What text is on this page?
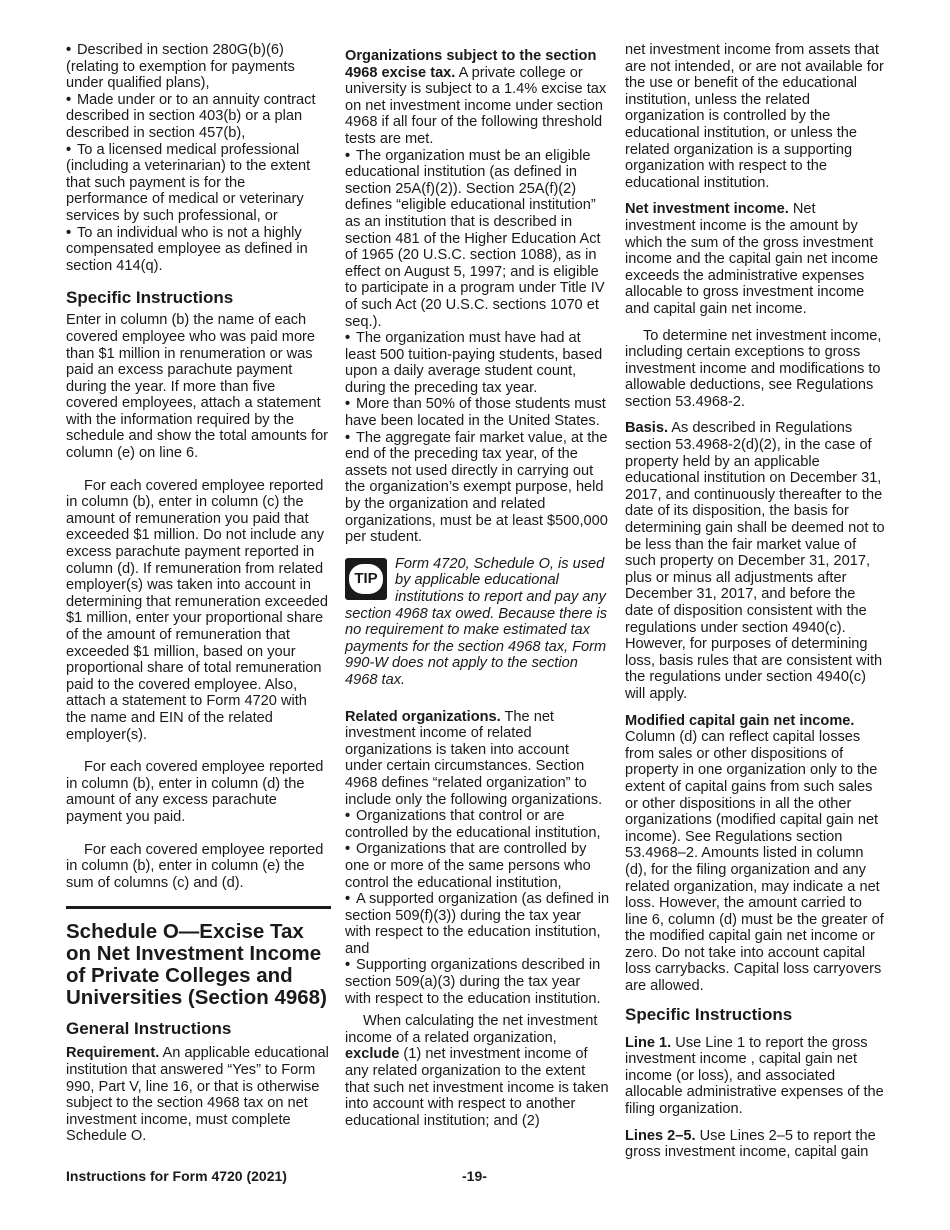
• Described in section 280G(b)(6) (relating to exemption for payments under qualified plans),

• Made under or to an annuity contract described in section 403(b) or a plan described in section 457(b),

• To a licensed medical professional (including a veterinarian) to the extent that such payment is for the performance of medical or veterinary services by such professional, or

• To an individual who is not a highly compensated employee as defined in section 414(q).

Specific Instructions

Enter in column (b) the name of each covered employee who was paid more than $1 million in renumeration or was paid an excess parachute payment during the year. If more than five covered employees, attach a statement with the information required by the schedule and show the total amounts for column (e) on line 6.

For each covered employee reported in column (b), enter in column (c) the amount of remuneration you paid that exceeded $1 million. Do not include any excess parachute payment reported in column (d). If remuneration from related employer(s) was taken into account in determining that remuneration exceeded $1 million, enter your proportional share of the amount of remuneration that exceeded $1 million, based on your proportional share of total remuneration paid to the covered employee. Also, attach a statement to Form 4720 with the name and EIN of the related employer(s).

For each covered employee reported in column (b), enter in column (d) the amount of any excess parachute payment you paid.

For each covered employee reported in column (b), enter in column (e) the sum of columns (c) and (d).

Schedule O—Excise Tax on Net Investment Income of Private Colleges and Universities (Section 4968)
General Instructions

Requirement. An applicable educational institution that answered “Yes” to Form 990, Part V, line 16, or that is otherwise subject to the section 4968 tax on net investment income, must complete Schedule O.

Organizations subject to the section 4968 excise tax. A private college or university is subject to a 1.4% excise tax on net investment income under section 4968 if all four of the following threshold tests are met.

• The organization must be an eligible educational institution (as defined in section 25A(f)(2)). Section 25A(f)(2) defines “eligible educational institution” as an institution that is described in section 481 of the Higher Education Act of 1965 (20 U.S.C. section 1088), as in effect on August 5, 1997; and is eligible to participate in a program under Title IV of such Act (20 U.S.C. sections 1070 et seq.).

• The organization must have had at least 500 tuition-paying students, based upon a daily average student count, during the preceding tax year.

• More than 50% of those students must have been located in the United States.

• The aggregate fair market value, at the end of the preceding tax year, of the assets not used directly in carrying out the organization’s exempt purpose, held by the organization and related organizations, must be at least $500,000 per student.

TIP
Form 4720, Schedule O, is used by applicable educational institutions to report and pay any section 4968 tax owed. Because there is no requirement to make estimated tax payments for the section 4968 tax, Form 990-W does not apply to the section 4968 tax.

Related organizations. The net investment income of related organizations is taken into account under certain circumstances. Section 4968 defines “related organization” to include only the following organizations.

• Organizations that control or are controlled by the educational institution,

• Organizations that are controlled by one or more of the same persons who control the educational institution,

• A supported organization (as defined in section 509(f)(3)) during the tax year with respect to the education institution, and

• Supporting organizations described in section 509(a)(3) during the tax year with respect to the education institution.

When calculating the net investment income of a related organization, exclude (1) net investment income of any related organization to the extent that such net investment income is taken into account with respect to another educational institution; and (2)

net investment income from assets that are not intended, or are not available for the use or benefit of the educational institution, unless the related organization is controlled by the educational institution, or unless the related organization is a supporting organization with respect to the educational institution.

Net investment income. Net investment income is the amount by which the sum of the gross investment income and the capital gain net income exceeds the administrative expenses allocable to gross investment income and capital gain net income.

To determine net investment income, including certain exceptions to gross investment income and modifications to allowable deductions, see Regulations section 53.4968-2.

Basis. As described in Regulations section 53.4968-2(d)(2), in the case of property held by an applicable educational institution on December 31, 2017, and continuously thereafter to the date of its disposition, the basis for determining gain shall be deemed not to be less than the fair market value of such property on December 31, 2017, plus or minus all adjustments after December 31, 2017, and before the date of disposition consistent with the regulations under section 4940(c). However, for purposes of determining loss, basis rules that are consistent with the regulations under section 4940(c) will apply.

Modified capital gain net income. Column (d) can reflect capital losses from sales or other dispositions of property in one organization only to the extent of capital gains from such sales or other dispositions in all the other organizations (modified capital gain net income). See Regulations section 53.4968–2. Amounts listed in column (d), for the filing organization and any related organization, may indicate a net loss. However, the amount carried to line 6, column (d) must be the greater of the modified capital gain net income or zero. Do not take into account capital loss carrybacks. Capital loss carryovers are allowed.

Specific Instructions

Line 1. Use Line 1 to report the gross investment income , capital gain net income (or loss), and associated allocable administrative expenses of the filing organization.

Lines 2–5. Use Lines 2–5 to report the gross investment income, capital gain

Instructions for Form 4720 (2021)	-19-
